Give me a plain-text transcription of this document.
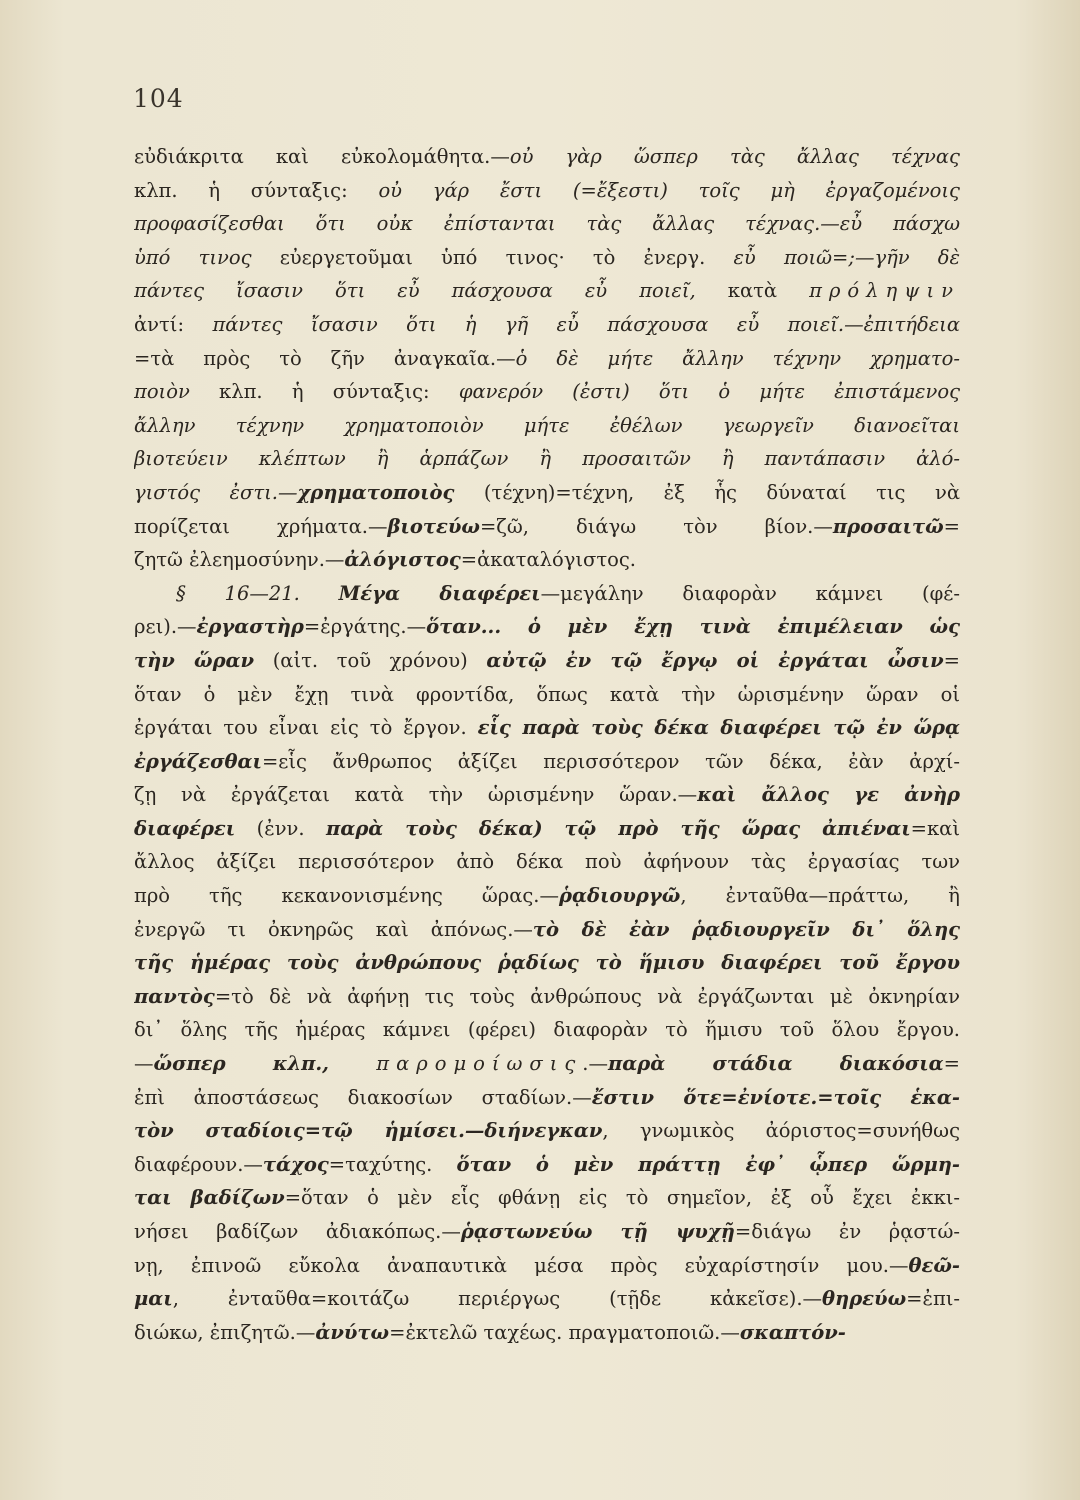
104
εὐδιάκριτα καὶ εὐκολομάθητα.—οὐ γὰρ ὥσπερ τὰς ἄλλας τέχνας
κλπ. ἡ σύνταξις: οὐ γάρ ἔστι (=ἔξεστι) τοῖς μὴ ἐργαζομένοις
προφασίζεσθαι ὅτι οὐκ ἐπίστανται τὰς ἄλλας τέχνας.—εὖ πάσχω
ὑπό τινος εὐεργετοῦμαι ὑπό τινος· τὸ ἐνεργ. εὖ ποιῶ=;—γῆν δὲ
πάντες ἴσασιν ὅτι εὖ πάσχουσα εὖ ποιεῖ, κατὰ πρόληψιν
ἀντί: πάντες ἴσασιν ὅτι ἡ γῆ εὖ πάσχουσα εὖ ποιεῖ.—ἐπιτήδεια
=τὰ πρὸς τὸ ζῆν ἀναγκαῖα.—ὁ δὲ μήτε ἄλλην τέχνην χρηματο-
ποιὸν κλπ. ἡ σύνταξις: φανερόν (ἐστι) ὅτι ὁ μήτε ἐπιστάμενος
ἄλλην τέχνην χρηματοποιὸν μήτε ἐθέλων γεωργεῖν διανοεῖται
βιοτεύειν κλέπτων ἢ ἁρπάζων ἢ προσαιτῶν ἢ παντάπασιν ἀλό-
γιστός ἐστι.—χρηματοποιὸς (τέχνη)=τέχνη, ἐξ ἧς δύναταί τις νὰ
πορίζεται χρήματα.—βιοτεύω=ζῶ, διάγω τὸν βίον.—προσαιτῶ=
ζητῶ ἐλεημοσύνην.—ἀλόγιστος=ἀκαταλόγιστος.
§ 16—21. Μέγα διαφέρει—μεγάλην διαφορὰν κάμνει (φέ-
ρει).—ἐργαστὴρ=ἐργάτης.—ὅταν... ὁ μὲν ἔχῃ τινὰ ἐπιμέλειαν ὡς
τὴν ὥραν (αἰτ. τοῦ χρόνου) αὐτῷ ἐν τῷ ἔργῳ οἱ ἐργάται ὦσιν=
ὅταν ὁ μὲν ἔχῃ τινὰ φροντίδα, ὅπως κατὰ τὴν ὡρισμένην ὥραν οἱ
ἐργάται του εἶναι εἰς τὸ ἔργον. εἷς παρὰ τοὺς δέκα διαφέρει τῷ ἐν ὥρᾳ
ἐργάζεσθαι=εἷς ἄνθρωπος ἀξίζει περισσότερον τῶν δέκα, ἐὰν ἀρχί-
ζῃ νὰ ἐργάζεται κατὰ τὴν ὡρισμένην ὥραν.—καὶ ἄλλος γε ἀνὴρ
διαφέρει (ἐνν. παρὰ τοὺς δέκα) τῷ πρὸ τῆς ὥρας ἀπιέναι=καὶ
ἄλλος ἀξίζει περισσότερον ἀπὸ δέκα ποὺ ἀφήνουν τὰς ἐργασίας των
πρὸ τῆς κεκανονισμένης ὥρας.—ῥᾳδιουργῶ, ἐνταῦθα—πράττω, ἢ
ἐνεργῶ τι ὀκνηρῶς καὶ ἀπόνως.—τὸ δὲ ἐὰν ῥᾳδιουργεῖν δι᾽ ὅλης
τῆς ἡμέρας τοὺς ἀνθρώπους ῥᾳδίως τὸ ἥμισυ διαφέρει τοῦ ἔργου
παντὸς=τὸ δὲ νὰ ἀφήνῃ τις τοὺς ἀνθρώπους νὰ ἐργάζωνται μὲ ὀκνηρίαν
δι᾽ ὅλης τῆς ἡμέρας κάμνει (φέρει) διαφορὰν τὸ ἥμισυ τοῦ ὅλου ἔργου.
—ὥσπερ κλπ., παρομοίωσις.—παρὰ στάδια διακόσια=
ἐπὶ ἀποστάσεως διακοσίων σταδίων.—ἔστιν ὅτε=ἐνίοτε.=τοῖς ἑκα-
τὸν σταδίοις=τῷ ἡμίσει.—διήνεγκαν, γνωμικὸς ἀόριστος=συνήθως
διαφέρουν.—τάχος=ταχύτης. ὅταν ὁ μὲν πράττῃ ἐφ᾽ ᾧπερ ὥρμη-
ται βαδίζων=ὅταν ὁ μὲν εἷς φθάνῃ εἰς τὸ σημεῖον, ἐξ οὗ ἔχει ἐκκι-
νήσει βαδίζων ἀδιακόπως.—ῥᾳστωνεύω τῇ ψυχῇ=διάγω ἐν ῥᾳστώ-
νῃ, ἐπινοῶ εὔκολα ἀναπαυτικὰ μέσα πρὸς εὐχαρίστησίν μου.—θεῶ-
μαι, ἐνταῦθα=κοιτάζω περιέργως (τῇδε κἀκεῖσε).—θηρεύω=ἐπι-
διώκω, ἐπιζητῶ.—ἀνύτω=ἐκτελῶ ταχέως. πραγματοποιῶ.—σκαπτόν-
